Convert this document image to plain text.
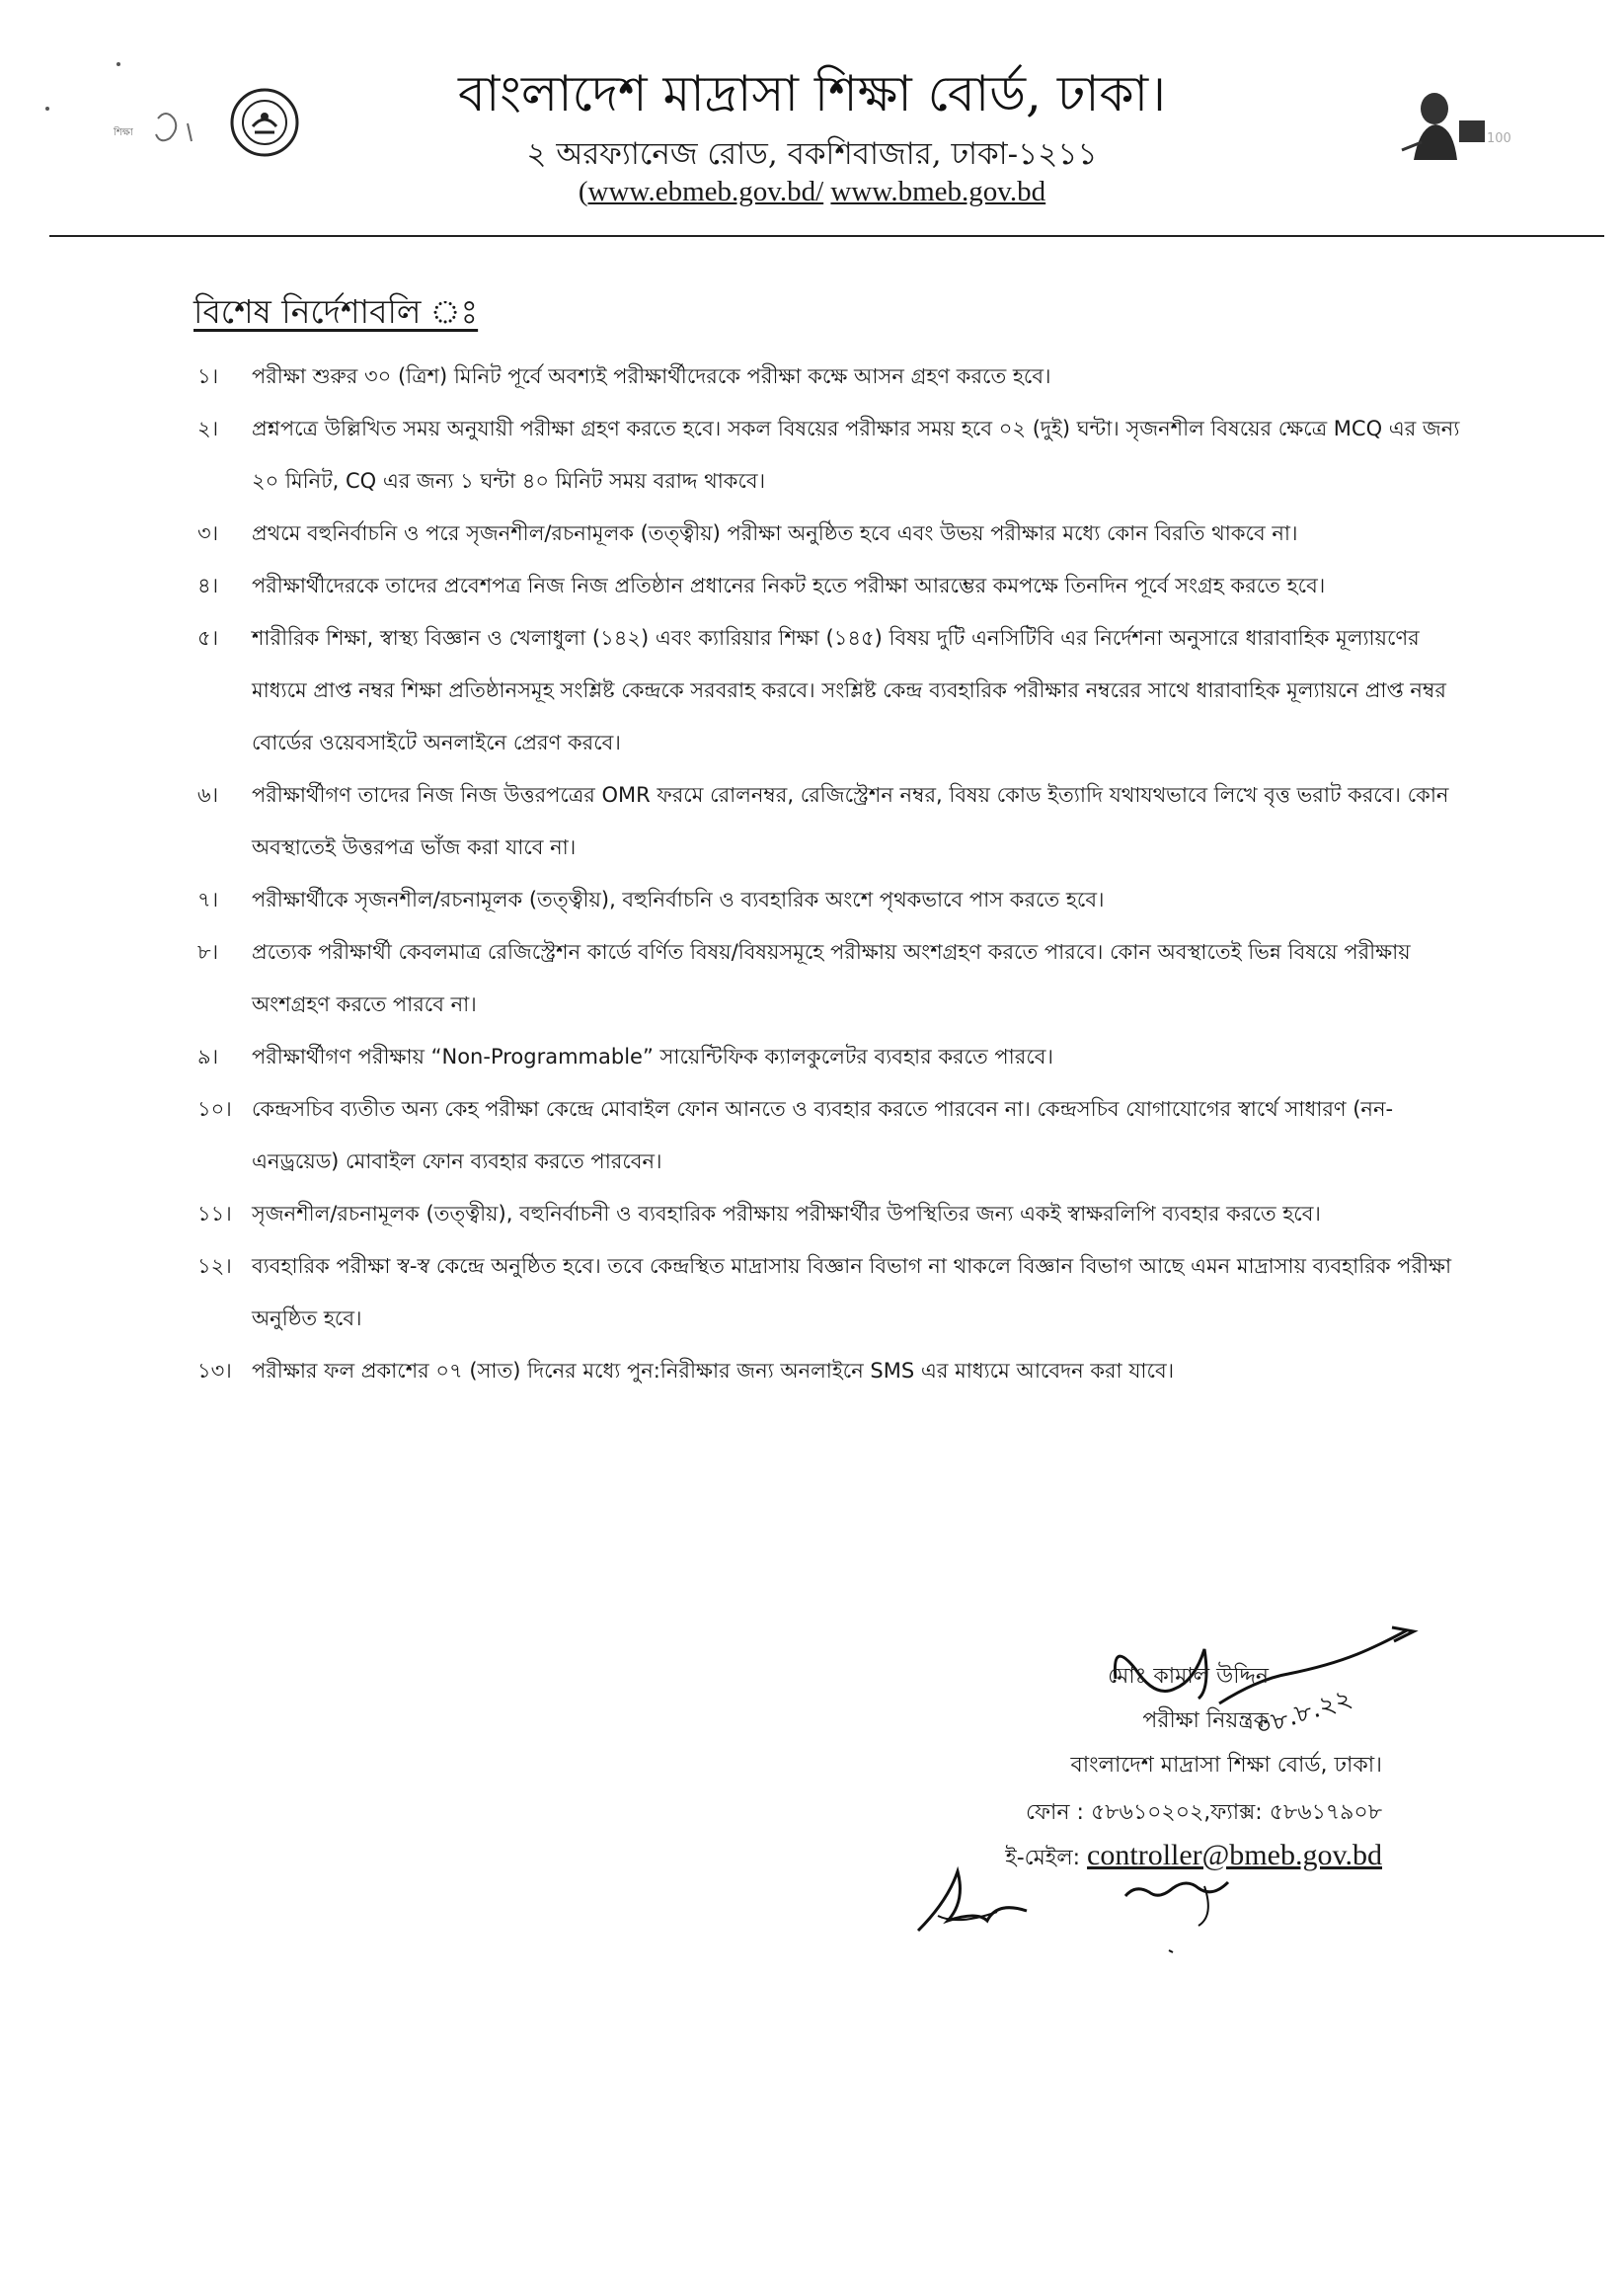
শিক্ষা	100
বাংলাদেশ মাদ্রাসা শিক্ষা বোর্ড, ঢাকা।
২ অরফ্যানেজ রোড, বকশিবাজার, ঢাকা-১২১১
(www.ebmeb.gov.bd/ www.bmeb.gov.bd
বিশেষ নির্দেশাবলি ঃ
১। পরীক্ষা শুরুর ৩০ (ত্রিশ) মিনিট পূর্বে অবশ্যই পরীক্ষার্থীদেরকে পরীক্ষা কক্ষে আসন গ্রহণ করতে হবে।
২। প্রশ্নপত্রে উল্লিখিত সময় অনুযায়ী পরীক্ষা গ্রহণ করতে হবে। সকল বিষয়ের পরীক্ষার সময় হবে ০২ (দুই) ঘন্টা। সৃজনশীল বিষয়ের ক্ষেত্রে MCQ এর জন্য ২০ মিনিট, CQ এর জন্য ১ ঘন্টা ৪০ মিনিট সময় বরাদ্দ থাকবে।
৩। প্রথমে বহুনির্বাচনি ও পরে সৃজনশীল/রচনামূলক (তত্ত্বীয়) পরীক্ষা অনুষ্ঠিত হবে এবং উভয় পরীক্ষার মধ্যে কোন বিরতি থাকবে না।
৪। পরীক্ষার্থীদেরকে তাদের প্রবেশপত্র নিজ নিজ প্রতিষ্ঠান প্রধানের নিকট হতে পরীক্ষা আরম্ভের কমপক্ষে তিনদিন পূর্বে সংগ্রহ করতে হবে।
৫। শারীরিক শিক্ষা, স্বাস্থ্য বিজ্ঞান ও খেলাধুলা (১৪২) এবং ক্যারিয়ার শিক্ষা (১৪৫) বিষয় দুটি এনসিটিবি এর নির্দেশনা অনুসারে ধারাবাহিক মূল্যায়ণের মাধ্যমে প্রাপ্ত নম্বর শিক্ষা প্রতিষ্ঠানসমূহ সংশ্লিষ্ট কেন্দ্রকে সরবরাহ করবে। সংশ্লিষ্ট কেন্দ্র ব্যবহারিক পরীক্ষার নম্বরের সাথে ধারাবাহিক মূল্যায়নে প্রাপ্ত নম্বর বোর্ডের ওয়েবসাইটে অনলাইনে প্রেরণ করবে।
৬। পরীক্ষার্থীগণ তাদের নিজ নিজ উত্তরপত্রের OMR ফরমে রোলনম্বর, রেজিস্ট্রেশন নম্বর, বিষয় কোড ইত্যাদি যথাযথভাবে লিখে বৃত্ত ভরাট করবে। কোন অবস্থাতেই উত্তরপত্র ভাঁজ করা যাবে না।
৭। পরীক্ষার্থীকে সৃজনশীল/রচনামূলক (তত্ত্বীয়), বহুনির্বাচনি ও ব্যবহারিক অংশে পৃথকভাবে পাস করতে হবে।
৮। প্রত্যেক পরীক্ষার্থী কেবলমাত্র রেজিস্ট্রেশন কার্ডে বর্ণিত বিষয়/বিষয়সমূহে পরীক্ষায় অংশগ্রহণ করতে পারবে। কোন অবস্থাতেই ভিন্ন বিষয়ে পরীক্ষায় অংশগ্রহণ করতে পারবে না।
৯। পরীক্ষার্থীগণ পরীক্ষায় “Non-Programmable” সায়েন্টিফিক ক্যালকুলেটর ব্যবহার করতে পারবে।
১০। কেন্দ্রসচিব ব্যতীত অন্য কেহ পরীক্ষা কেন্দ্রে মোবাইল ফোন আনতে ও ব্যবহার করতে পারবেন না। কেন্দ্রসচিব যোগাযোগের স্বার্থে সাধারণ (নন-এনড্রয়েড) মোবাইল ফোন ব্যবহার করতে পারবেন।
১১। সৃজনশীল/রচনামূলক (তত্ত্বীয়), বহুনির্বাচনী ও ব্যবহারিক পরীক্ষায় পরীক্ষার্থীর উপস্থিতির জন্য একই স্বাক্ষরলিপি ব্যবহার করতে হবে।
১২। ব্যবহারিক পরীক্ষা স্ব-স্ব কেন্দ্রে অনুষ্ঠিত হবে। তবে কেন্দ্রস্থিত মাদ্রাসায় বিজ্ঞান বিভাগ না থাকলে বিজ্ঞান বিভাগ আছে এমন মাদ্রাসায় ব্যবহারিক পরীক্ষা অনুষ্ঠিত হবে।
১৩। পরীক্ষার ফল প্রকাশের ০৭ (সাত) দিনের মধ্যে পুন:নিরীক্ষার জন্য অনলাইনে SMS এর মাধ্যমে আবেদন করা যাবে।
০৮.৮.২২
মোঃ কামাল উদ্দিন
পরীক্ষা নিয়ন্ত্রক
বাংলাদেশ মাদ্রাসা শিক্ষা বোর্ড, ঢাকা।
ফোন : ৫৮৬১০২০২,ফ্যাক্স: ৫৮৬১৭৯০৮
ই-মেইল: controller@bmeb.gov.bd
